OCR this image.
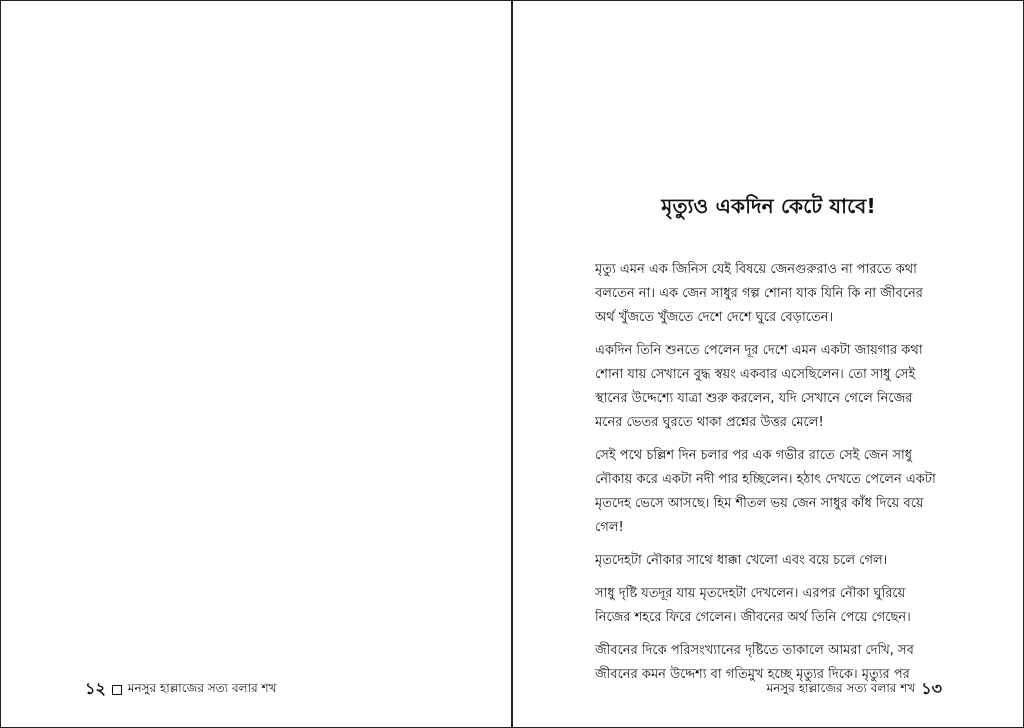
১২ মনসুর হাল্লাজের সত্য বলার শখ
মৃত্যুও একদিন কেটে যাবে!

মৃত্যু এমন এক জিনিস যেই বিষয়ে জেনগুরুরাও না পারতে কথা
বলতেন না। এক জেন সাধুর গল্প শোনা যাক যিনি কি না জীবনের
অর্থ খুঁজতে খুঁজতে দেশে দেশে ঘুরে বেড়াতেন।

একদিন তিনি শুনতে পেলেন দূর দেশে এমন একটা জায়গার কথা
শোনা যায় সেখানে বুদ্ধ স্বয়ং একবার এসেছিলেন। তো সাধু সেই
স্থানের উদ্দেশ্যে যাত্রা শুরু করলেন, যদি সেখানে গেলে নিজের
মনের ভেতর ঘুরতে থাকা প্রশ্নের উত্তর মেলে!

সেই পথে চল্লিশ দিন চলার পর এক গভীর রাতে সেই জেন সাধু
নৌকায় করে একটা নদী পার হচ্ছিলেন। হঠাৎ দেখতে পেলেন একটা
মৃতদেহ ভেসে আসছে। হিম শীতল ভয় জেন সাধুর কাঁধ দিয়ে বয়ে
গেল!

মৃতদেহটা নৌকার সাথে ধাক্কা খেলো এবং বয়ে চলে গেল।

সাধু দৃষ্টি যতদূর যায় মৃতদেহটা দেখলেন। এরপর নৌকা ঘুরিয়ে
নিজের শহরে ফিরে গেলেন। জীবনের অর্থ তিনি পেয়ে গেছেন।

জীবনের দিকে পরিসংখ্যানের দৃষ্টিতে তাকালে আমরা দেখি, সব
জীবনের কমন উদ্দেশ্য বা গতিমুখ হচ্ছে মৃত্যুর দিকে। মৃত্যুর পর

মনসুর হাল্লাজের সত্য বলার শখ ১৩
